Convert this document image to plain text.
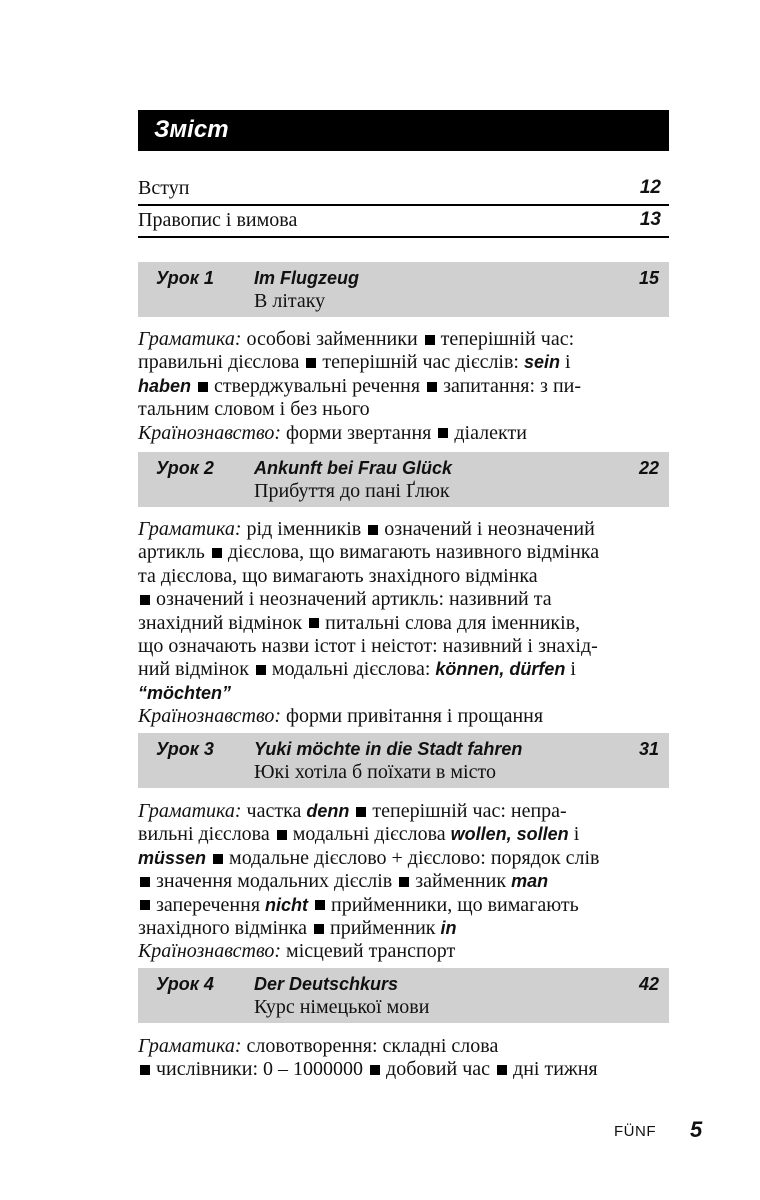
Зміст
Вступ	12
Правопис і вимова	13
Урок 1 Im Flugzeug	15
В літаку
Граматика: особові займенники теперішній час:
правильні дієслова теперішній час дієслів: sein і
haben стверджувальні речення запитання: з пи-
тальним словом і без нього
Країнознавство: форми звертання діалекти
Урок 2 Ankunft bei Frau Glück	22
Прибуття до пані Ґлюк
Граматика: рід іменників означений і неозначений
артикль дієслова, що вимагають називного відмінка
та дієслова, що вимагають знахідного відмінка
означений і неозначений артикль: називний та
знахідний відмінок питальні слова для іменників,
що означають назви істот і неістот: називний і знахід-
ний відмінок модальні дієслова: können, dürfen і
“möchten”
Країнознавство: форми привітання і прощання
Урок 3 Yuki möchte in die Stadt fahren	31
Юкі хотіла б поїхати в місто
Граматика: частка denn теперішній час: непра-
вильні дієслова модальні дієслова wollen, sollen і
müssen модальне дієслово + дієслово: порядок слів
значення модальних дієслів займенник man
заперечення nicht прийменники, що вимагають
знахідного відмінка прийменник in
Країнознавство: місцевий транспорт
Урок 4 Der Deutschkurs	42
Курс німецької мови
Граматика: словотворення: складні слова
числівники: 0 – 1000000 добовий час дні тижня
FÜNF 5
